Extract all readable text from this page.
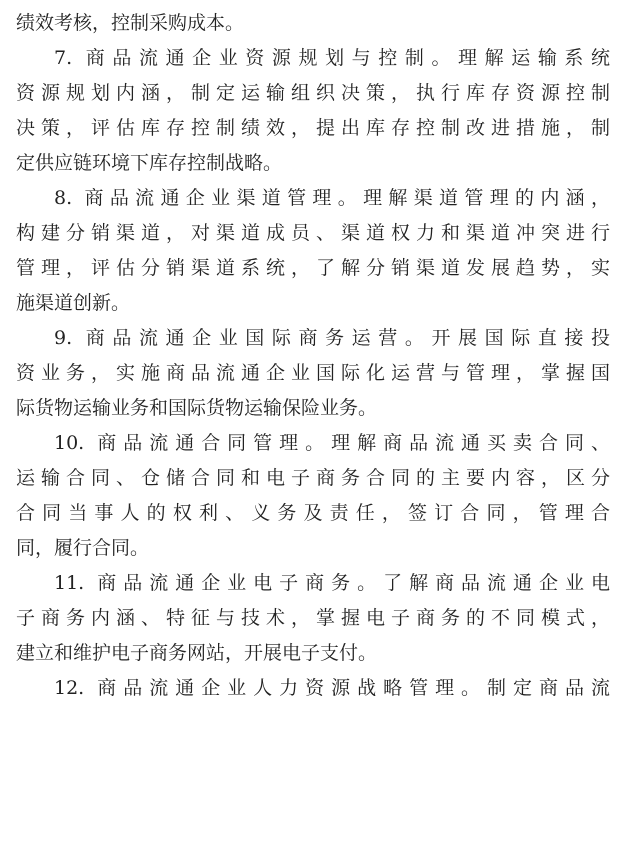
绩效考核，控制采购成本。
7. 商品流通企业资源规划与控制。理解运输系统
资源规划内涵，制定运输组织决策，执行库存资源控制
决策，评估库存控制绩效，提出库存控制改进措施，制
定供应链环境下库存控制战略。
8. 商品流通企业渠道管理。理解渠道管理的内涵，
构建分销渠道，对渠道成员、渠道权力和渠道冲突进行
管理，评估分销渠道系统，了解分销渠道发展趋势，实
施渠道创新。
9. 商品流通企业国际商务运营。开展国际直接投
资业务，实施商品流通企业国际化运营与管理，掌握国
际货物运输业务和国际货物运输保险业务。
10. 商品流通合同管理。理解商品流通买卖合同、
运输合同、仓储合同和电子商务合同的主要内容，区分
合同当事人的权利、义务及责任，签订合同，管理合
同，履行合同。
11. 商品流通企业电子商务。了解商品流通企业电
子商务内涵、特征与技术，掌握电子商务的不同模式，
建立和维护电子商务网站，开展电子支付。
12. 商品流通企业人力资源战略管理。制定商品流
